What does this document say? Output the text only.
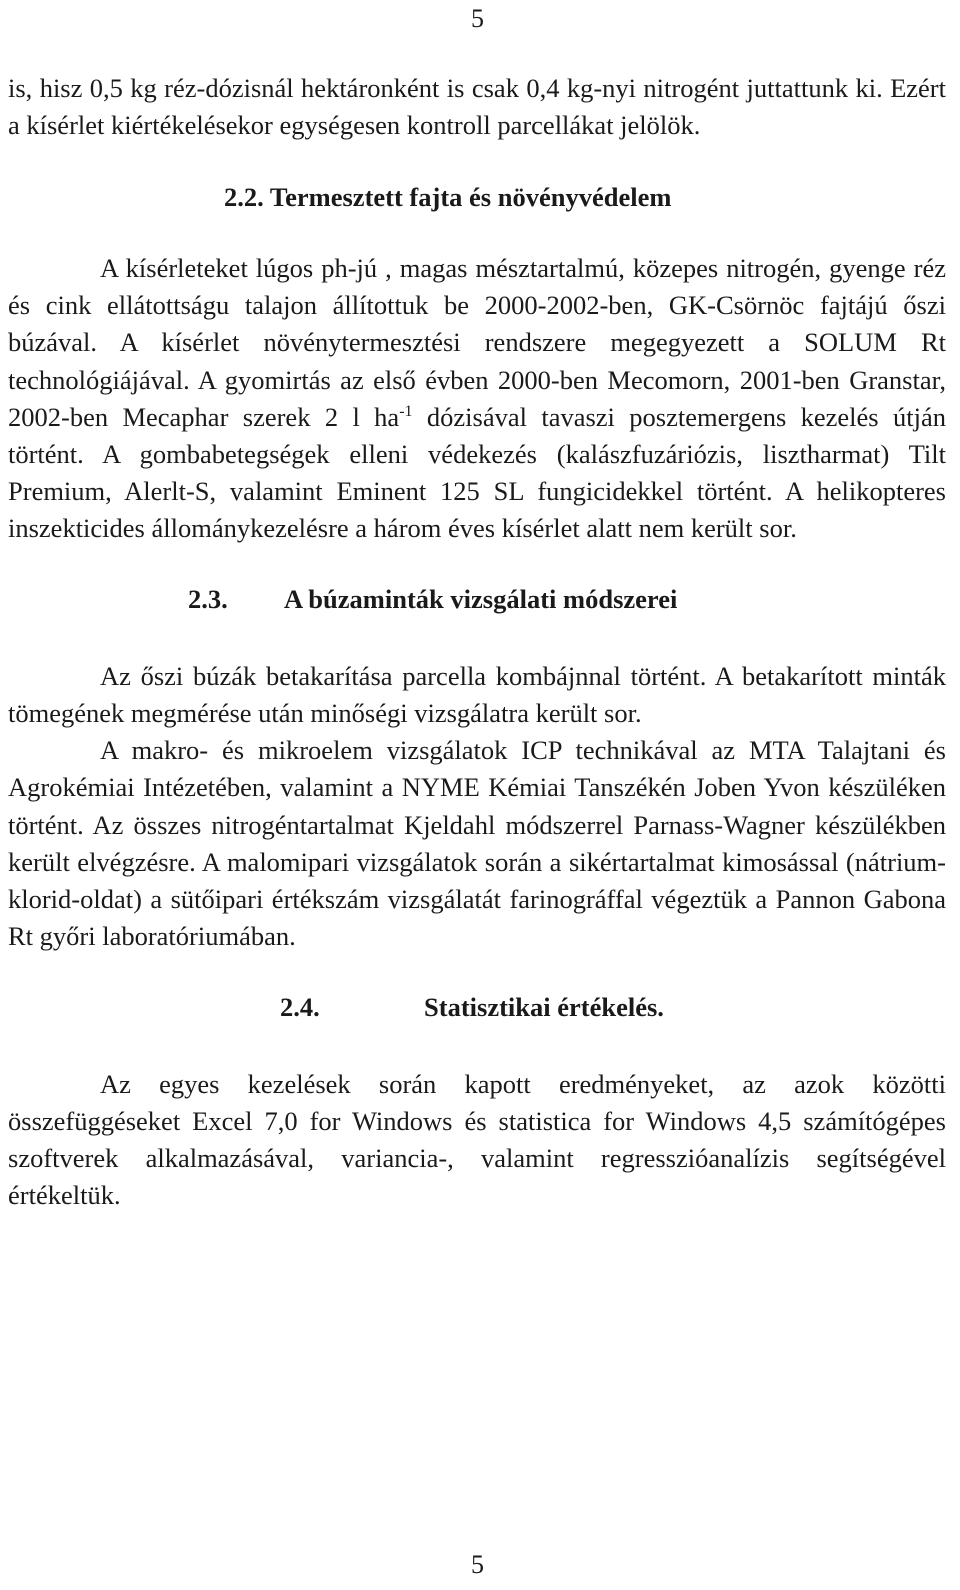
5

is, hisz 0,5 kg réz-dózisnál hektáronként is csak 0,4 kg-nyi nitrogént juttattunk ki. Ezért a kísérlet kiértékelésekor egységesen kontroll parcellákat jelölök.

2.2. Termesztett fajta és növényvédelem

A kísérleteket lúgos ph-jú , magas mésztartalmú, közepes nitrogén, gyenge réz és cink ellátottságu talajon állítottuk be 2000-2002-ben, GK-Csörnöc fajtájú őszi búzával. A kísérlet növénytermesztési rendszere megegyezett a SOLUM Rt technológiájával. A gyomirtás az első évben 2000-ben Mecomorn, 2001-ben Granstar, 2002-ben Mecaphar szerek 2 l $ha^{-1}$ dózisával tavaszi posztemergens kezelés útján történt. A gombabetegségek elleni védekezés (kalászfuzáriózis, lisztharmat) Tilt Premium, Alerlt-S, valamint Eminent 125 SL fungicidekkel történt. A helikopteres inszekticides állománykezelésre a három éves kísérlet alatt nem került sor.

2.3. A búzaminták vizsgálati módszerei

Az őszi búzák betakarítása parcella kombájnnal történt. A betakarított minták tömegének megmérése után minőségi vizsgálatra került sor.

A makro- és mikroelem vizsgálatok ICP technikával az MTA Talajtani és Agrokémiai Intézetében, valamint a NYME Kémiai Tanszékén Joben Yvon készüléken történt. Az összes nitrogéntartalmat Kjeldahl módszerrel Parnass-Wagner készülékben került elvégzésre. A malomipari vizsgálatok során a sikértartalmat kimosással (nátrium-klorid-oldat) a sütőipari értékszám vizsgálatát farinográffal végeztük a Pannon Gabona Rt győri laboratóriumában.

2.4.	Statisztikai értékelés.

Az egyes kezelések során kapott eredményeket, az azok közötti összefüggéseket Excel 7,0 for Windows és statistica for Windows 4,5 számítógépes szoftverek alkalmazásával, variancia-, valamint regresszióanalízis segítségével értékeltük.

5
